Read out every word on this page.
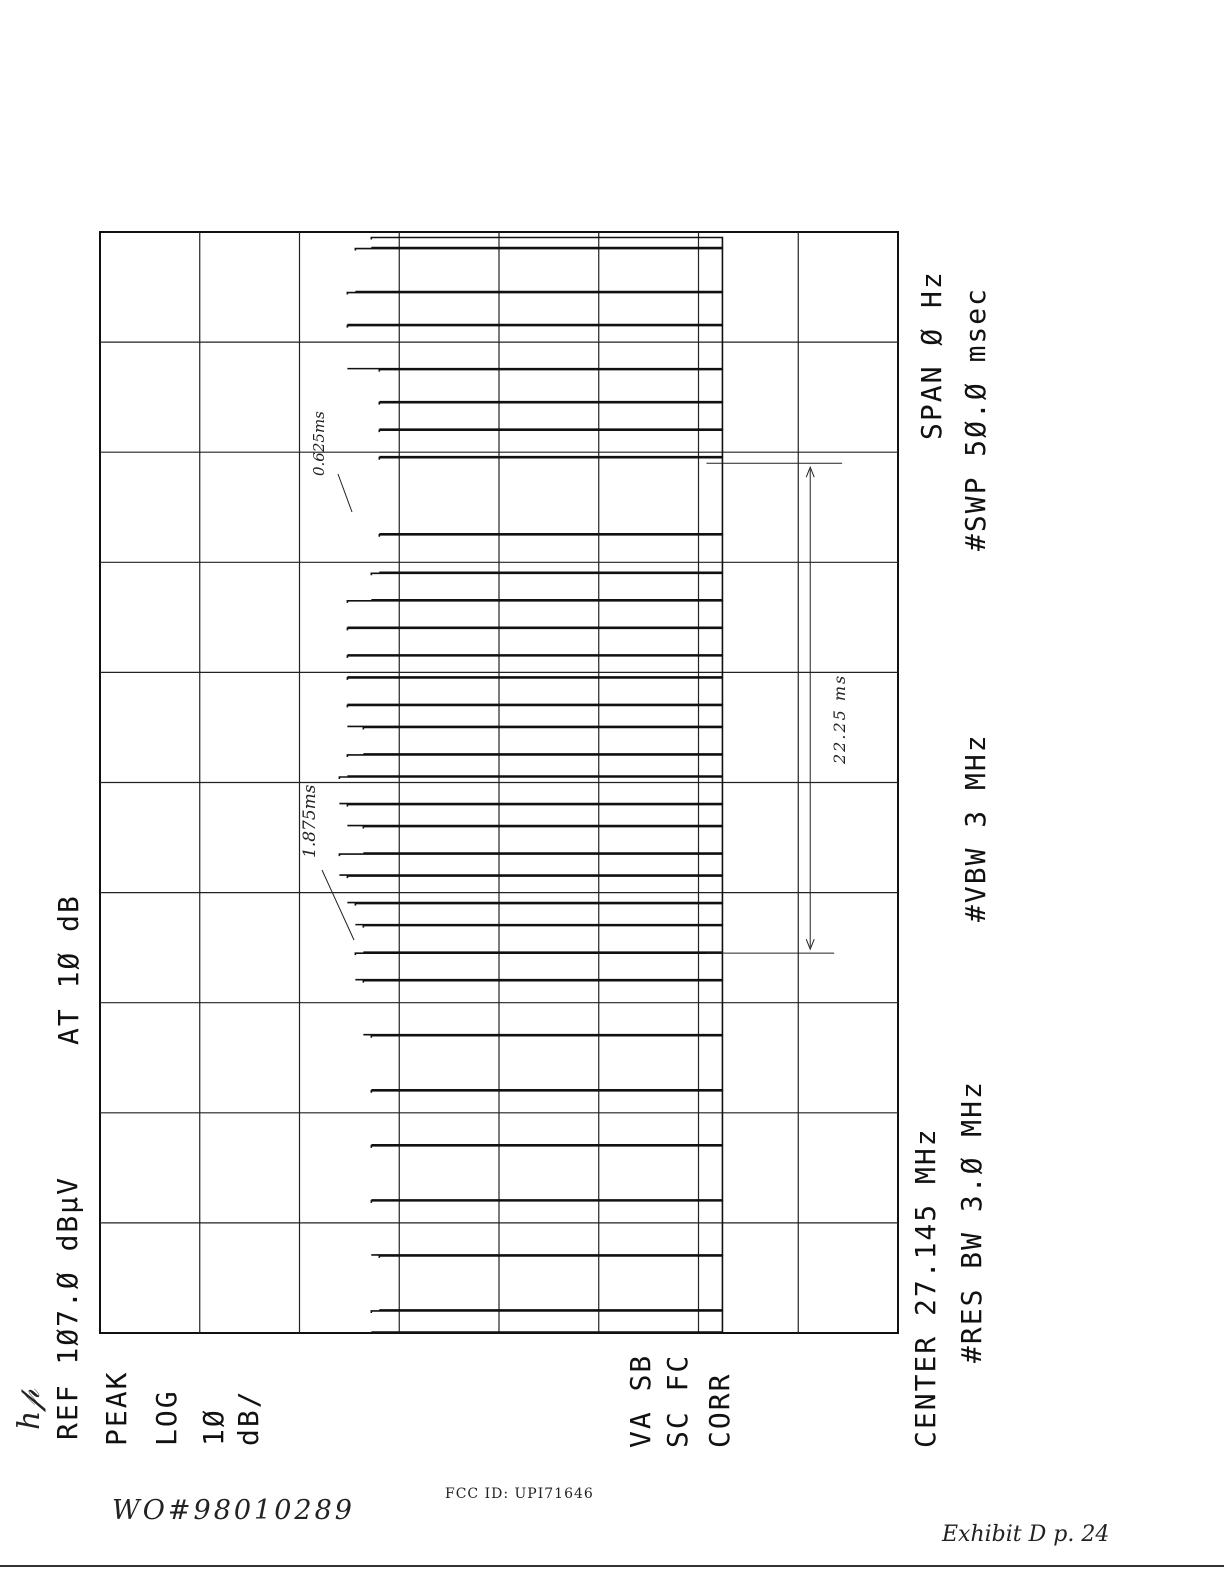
ℎ𝓅 REF 1Ø7.Ø dBµV
AT 1Ø dB
PEAK LOG 1Ø dB/	VA SB SC FC CORR	CENTER 27.145 MHz #RES BW 3.Ø MHz
#VBW 3 MHz
SPAN Ø Hz #SWP 5Ø.Ø msec
0.625ms
1.875ms
22.25 ms
WO#98010289
FCC ID: UPI71646
Exhibit D p. 24
